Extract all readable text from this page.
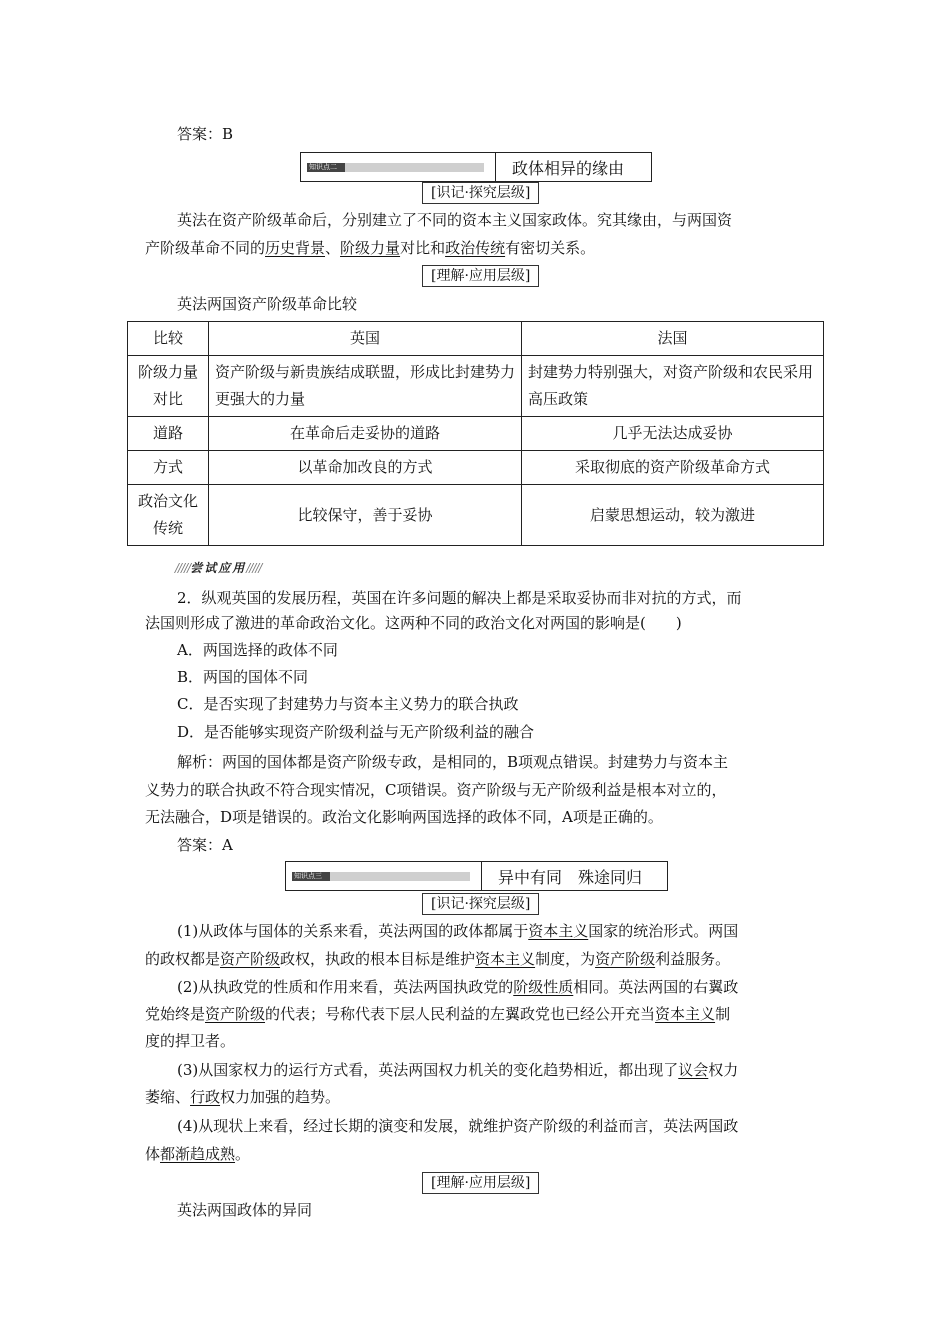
答案：B
知识点二	政体相异的缘由
[识记·探究层级]
英法在资产阶级革命后，分别建立了不同的资本主义国家政体。究其缘由，与两国资
产阶级革命不同的历史背景、阶级力量对比和政治传统有密切关系。
[理解·应用层级]
英法两国资产阶级革命比较
比较	英国	法国
阶级力量对比	资产阶级与新贵族结成联盟，形成比封建势力更强大的力量	封建势力特别强大，对资产阶级和农民采用高压政策
道路	在革命后走妥协的道路	几乎无法达成妥协
方式	以革命加改良的方式	采取彻底的资产阶级革命方式
政治文化传统	比较保守，善于妥协	启蒙思想运动，较为激进
/////尝试应用/////
2．纵观英国的发展历程，英国在许多问题的解决上都是采取妥协而非对抗的方式，而
法国则形成了激进的革命政治文化。这两种不同的政治文化对两国的影响是(　　)
A．两国选择的政体不同
B．两国的国体不同
C．是否实现了封建势力与资本主义势力的联合执政
D．是否能够实现资产阶级利益与无产阶级利益的融合
解析：两国的国体都是资产阶级专政，是相同的，B项观点错误。封建势力与资本主
义势力的联合执政不符合现实情况，C项错误。资产阶级与无产阶级利益是根本对立的，
无法融合，D项是错误的。政治文化影响两国选择的政体不同，A项是正确的。
答案：A
知识点三	异中有同　殊途同归
[识记·探究层级]
(1)从政体与国体的关系来看，英法两国的政体都属于资本主义国家的统治形式。两国
的政权都是资产阶级政权，执政的根本目标是维护资本主义制度，为资产阶级利益服务。
(2)从执政党的性质和作用来看，英法两国执政党的阶级性质相同。英法两国的右翼政
党始终是资产阶级的代表；号称代表下层人民利益的左翼政党也已经公开充当资本主义制
度的捍卫者。
(3)从国家权力的运行方式看，英法两国权力机关的变化趋势相近，都出现了议会权力
萎缩、行政权力加强的趋势。
(4)从现状上来看，经过长期的演变和发展，就维护资产阶级的利益而言，英法两国政
体都渐趋成熟。
[理解·应用层级]
英法两国政体的异同
